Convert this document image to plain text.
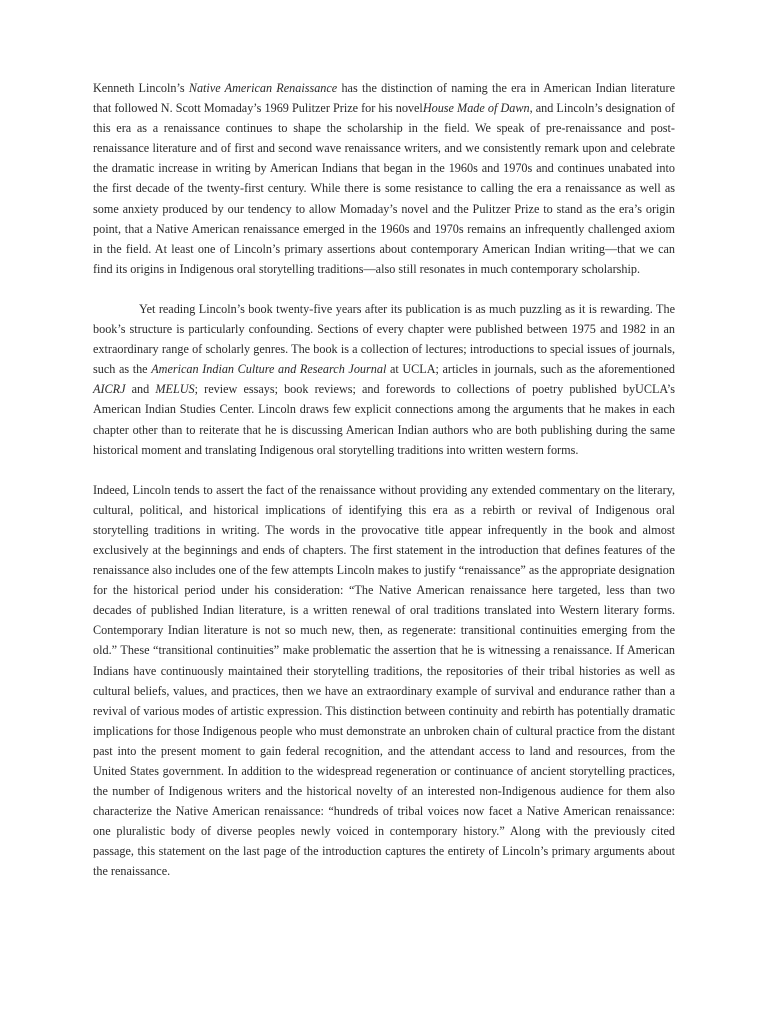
Kenneth Lincoln’s Native American Renaissance has the distinction of naming the era in American Indian literature that followed N. Scott Momaday’s 1969 Pulitzer Prize for his novelHouse Made of Dawn, and Lincoln’s designation of this era as a renaissance continues to shape the scholarship in the field. We speak of pre-renaissance and post-renaissance literature and of first and second wave renaissance writers, and we consistently remark upon and celebrate the dramatic increase in writing by American Indians that began in the 1960s and 1970s and continues unabated into the first decade of the twenty-first century. While there is some resistance to calling the era a renaissance as well as some anxiety produced by our tendency to allow Momaday’s novel and the Pulitzer Prize to stand as the era’s origin point, that a Native American renaissance emerged in the 1960s and 1970s remains an infrequently challenged axiom in the field. At least one of Lincoln’s primary assertions about contemporary American Indian writing—that we can find its origins in Indigenous oral storytelling traditions—also still resonates in much contemporary scholarship.

Yet reading Lincoln’s book twenty-five years after its publication is as much puzzling as it is rewarding. The book’s structure is particularly confounding. Sections of every chapter were published between 1975 and 1982 in an extraordinary range of scholarly genres. The book is a collection of lectures; introductions to special issues of journals, such as the American Indian Culture and Research Journal at UCLA; articles in journals, such as the aforementioned AICRJ and MELUS; review essays; book reviews; and forewords to collections of poetry published byUCLA’s American Indian Studies Center. Lincoln draws few explicit connections among the arguments that he makes in each chapter other than to reiterate that he is discussing American Indian authors who are both publishing during the same historical moment and translating Indigenous oral storytelling traditions into written western forms.

Indeed, Lincoln tends to assert the fact of the renaissance without providing any extended commentary on the literary, cultural, political, and historical implications of identifying this era as a rebirth or revival of Indigenous oral storytelling traditions in writing. The words in the provocative title appear infrequently in the book and almost exclusively at the beginnings and ends of chapters. The first statement in the introduction that defines features of the renaissance also includes one of the few attempts Lincoln makes to justify “renaissance” as the appropriate designation for the historical period under his consideration: “The Native American renaissance here targeted, less than two decades of published Indian literature, is a written renewal of oral traditions translated into Western literary forms. Contemporary Indian literature is not so much new, then, as regenerate: transitional continuities emerging from the old.” These “transitional continuities” make problematic the assertion that he is witnessing a renaissance. If American Indians have continuously maintained their storytelling traditions, the repositories of their tribal histories as well as cultural beliefs, values, and practices, then we have an extraordinary example of survival and endurance rather than a revival of various modes of artistic expression. This distinction between continuity and rebirth has potentially dramatic implications for those Indigenous people who must demonstrate an unbroken chain of cultural practice from the distant past into the present moment to gain federal recognition, and the attendant access to land and resources, from the United States government. In addition to the widespread regeneration or continuance of ancient storytelling practices, the number of Indigenous writers and the historical novelty of an interested non-Indigenous audience for them also characterize the Native American renaissance: “hundreds of tribal voices now facet a Native American renaissance: one pluralistic body of diverse peoples newly voiced in contemporary history.” Along with the previously cited passage, this statement on the last page of the introduction captures the entirety of Lincoln’s primary arguments about the renaissance.
